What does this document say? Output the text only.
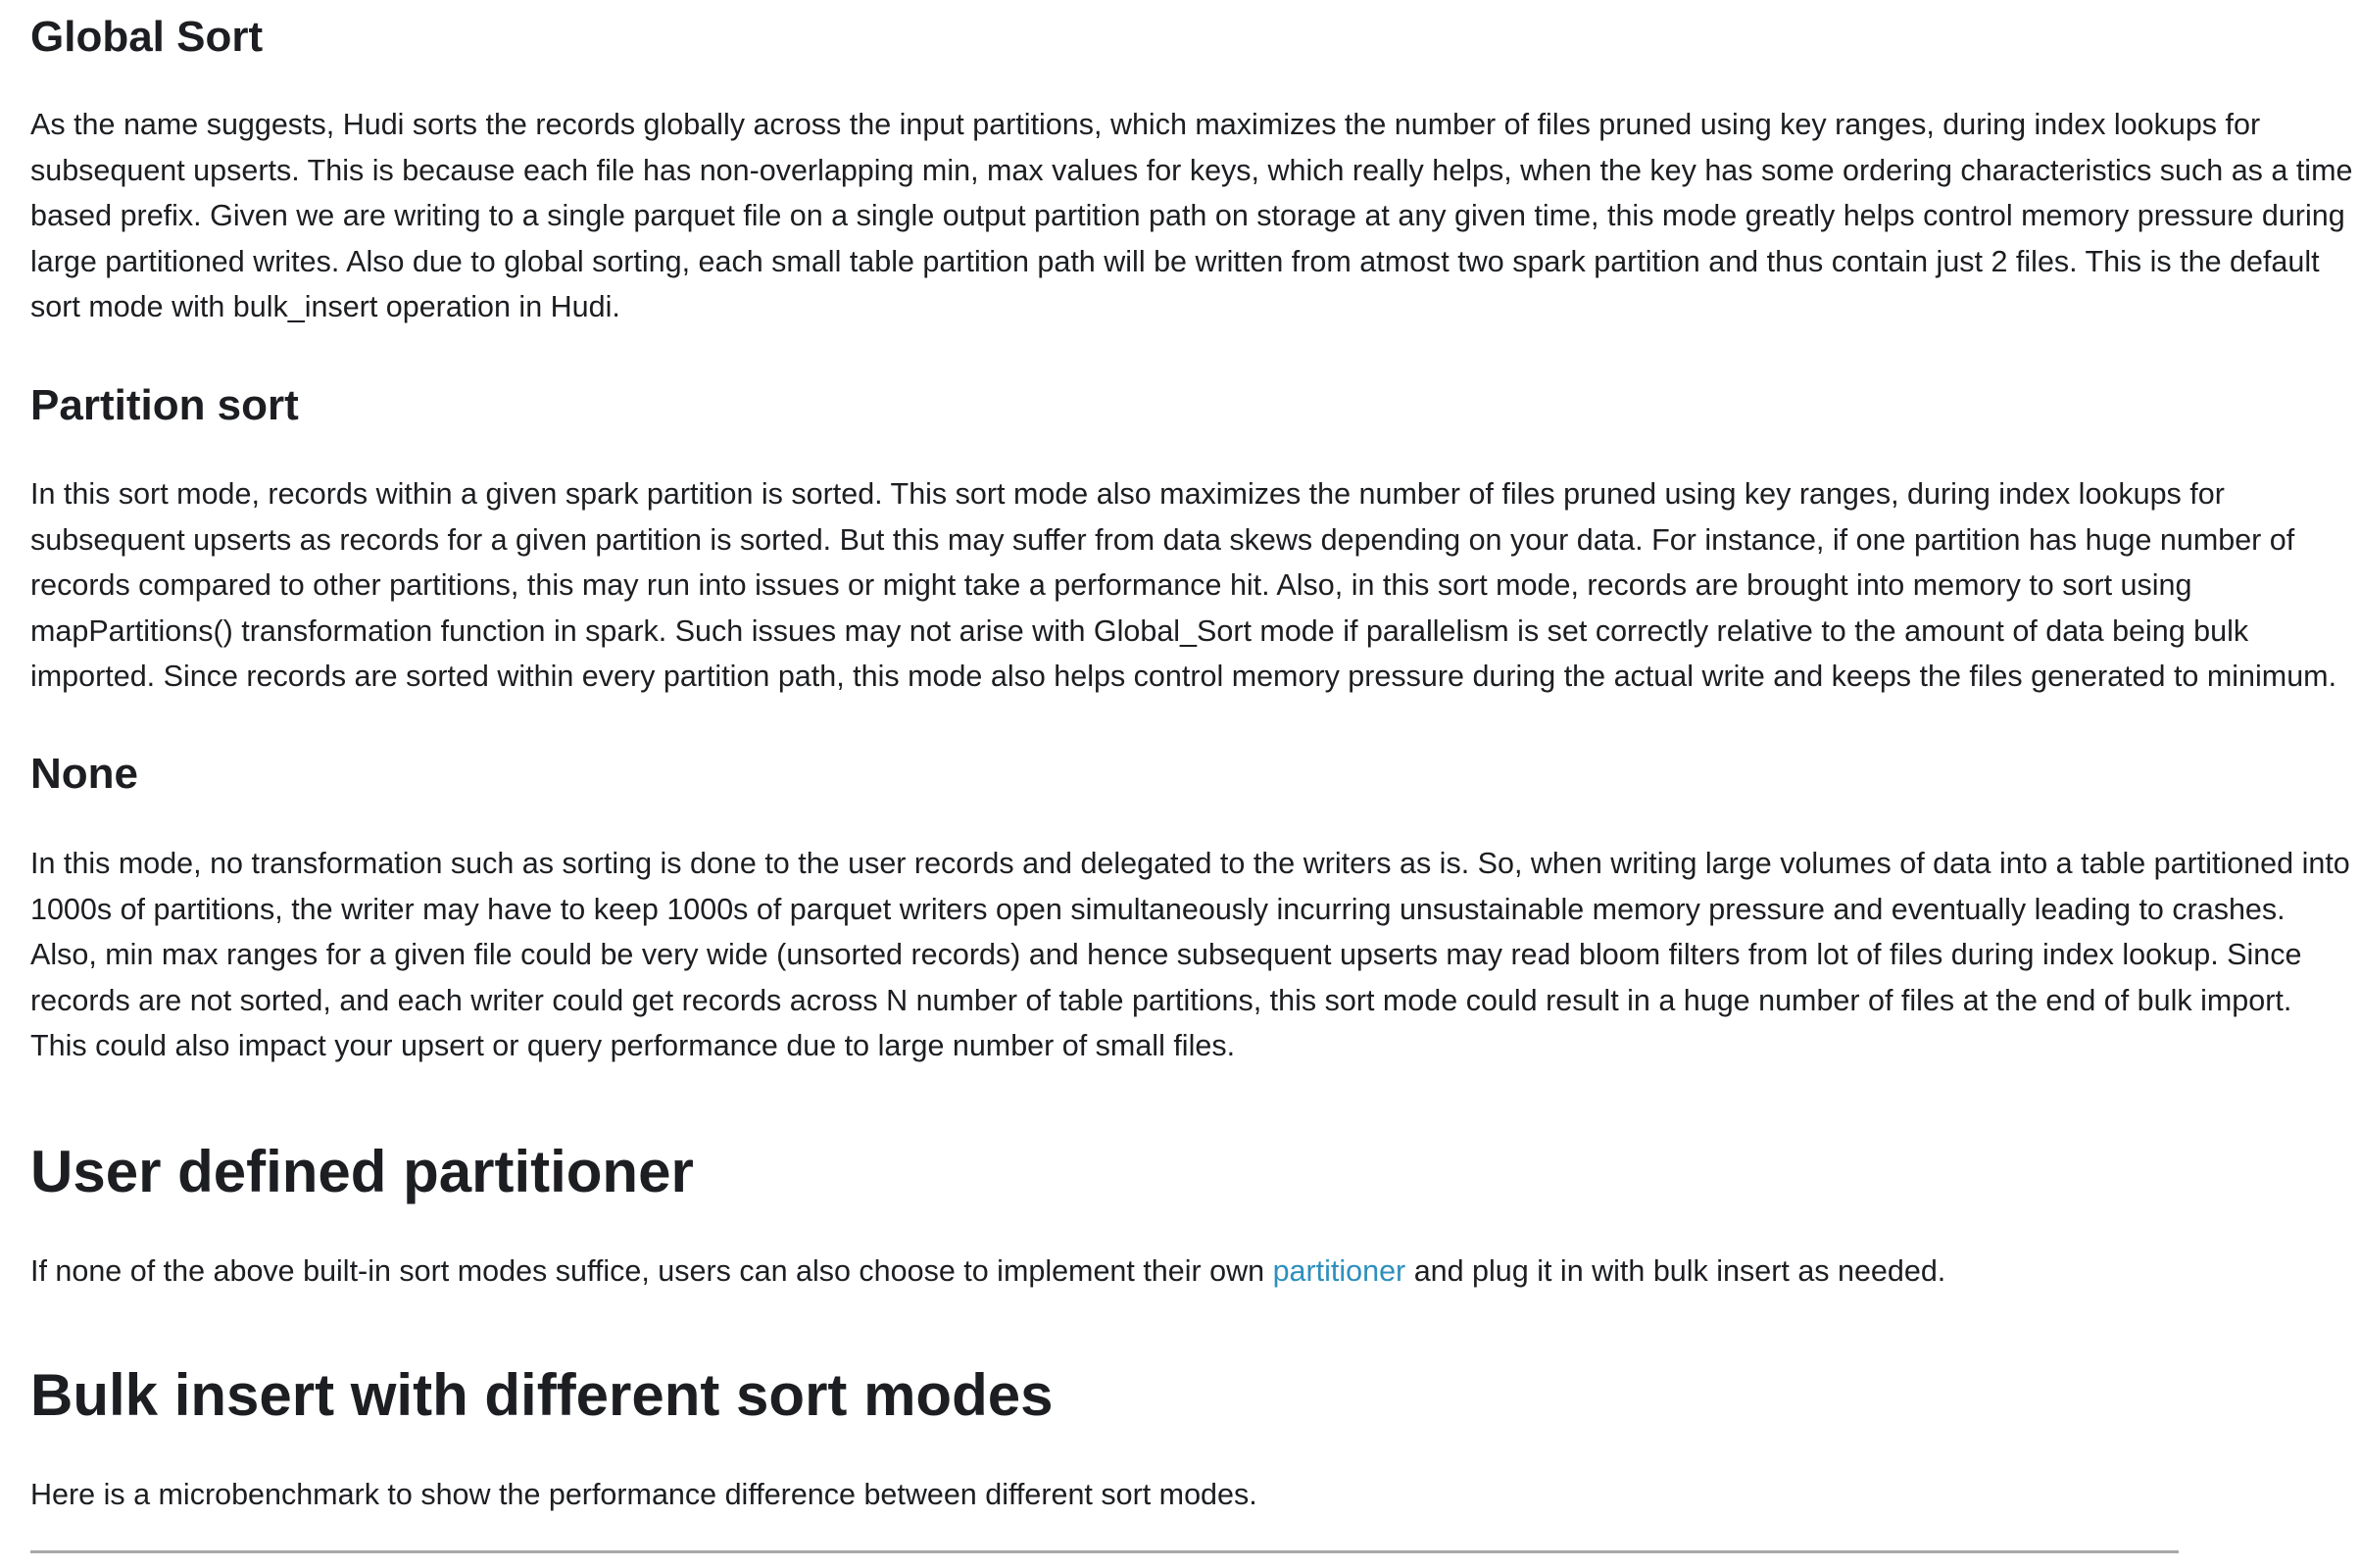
Global Sort

As the name suggests, Hudi sorts the records globally across the input partitions, which maximizes the number of files pruned using key ranges, during index lookups for subsequent upserts. This is because each file has non-overlapping min, max values for keys, which really helps, when the key has some ordering characteristics such as a time based prefix. Given we are writing to a single parquet file on a single output partition path on storage at any given time, this mode greatly helps control memory pressure during large partitioned writes. Also due to global sorting, each small table partition path will be written from atmost two spark partition and thus contain just 2 files. This is the default sort mode with bulk_insert operation in Hudi.

Partition sort

In this sort mode, records within a given spark partition is sorted. This sort mode also maximizes the number of files pruned using key ranges, during index lookups for subsequent upserts as records for a given partition is sorted. But this may suffer from data skews depending on your data. For instance, if one partition has huge number of records compared to other partitions, this may run into issues or might take a performance hit. Also, in this sort mode, records are brought into memory to sort using mapPartitions() transformation function in spark. Such issues may not arise with Global_Sort mode if parallelism is set correctly relative to the amount of data being bulk imported. Since records are sorted within every partition path, this mode also helps control memory pressure during the actual write and keeps the files generated to minimum.

None

In this mode, no transformation such as sorting is done to the user records and delegated to the writers as is. So, when writing large volumes of data into a table partitioned into 1000s of partitions, the writer may have to keep 1000s of parquet writers open simultaneously incurring unsustainable memory pressure and eventually leading to crashes. Also, min max ranges for a given file could be very wide (unsorted records) and hence subsequent upserts may read bloom filters from lot of files during index lookup. Since records are not sorted, and each writer could get records across N number of table partitions, this sort mode could result in a huge number of files at the end of bulk import. This could also impact your upsert or query performance due to large number of small files.

User defined partitioner

If none of the above built-in sort modes suffice, users can also choose to implement their own partitioner and plug it in with bulk insert as needed.

Bulk insert with different sort modes

Here is a microbenchmark to show the performance difference between different sort modes.
